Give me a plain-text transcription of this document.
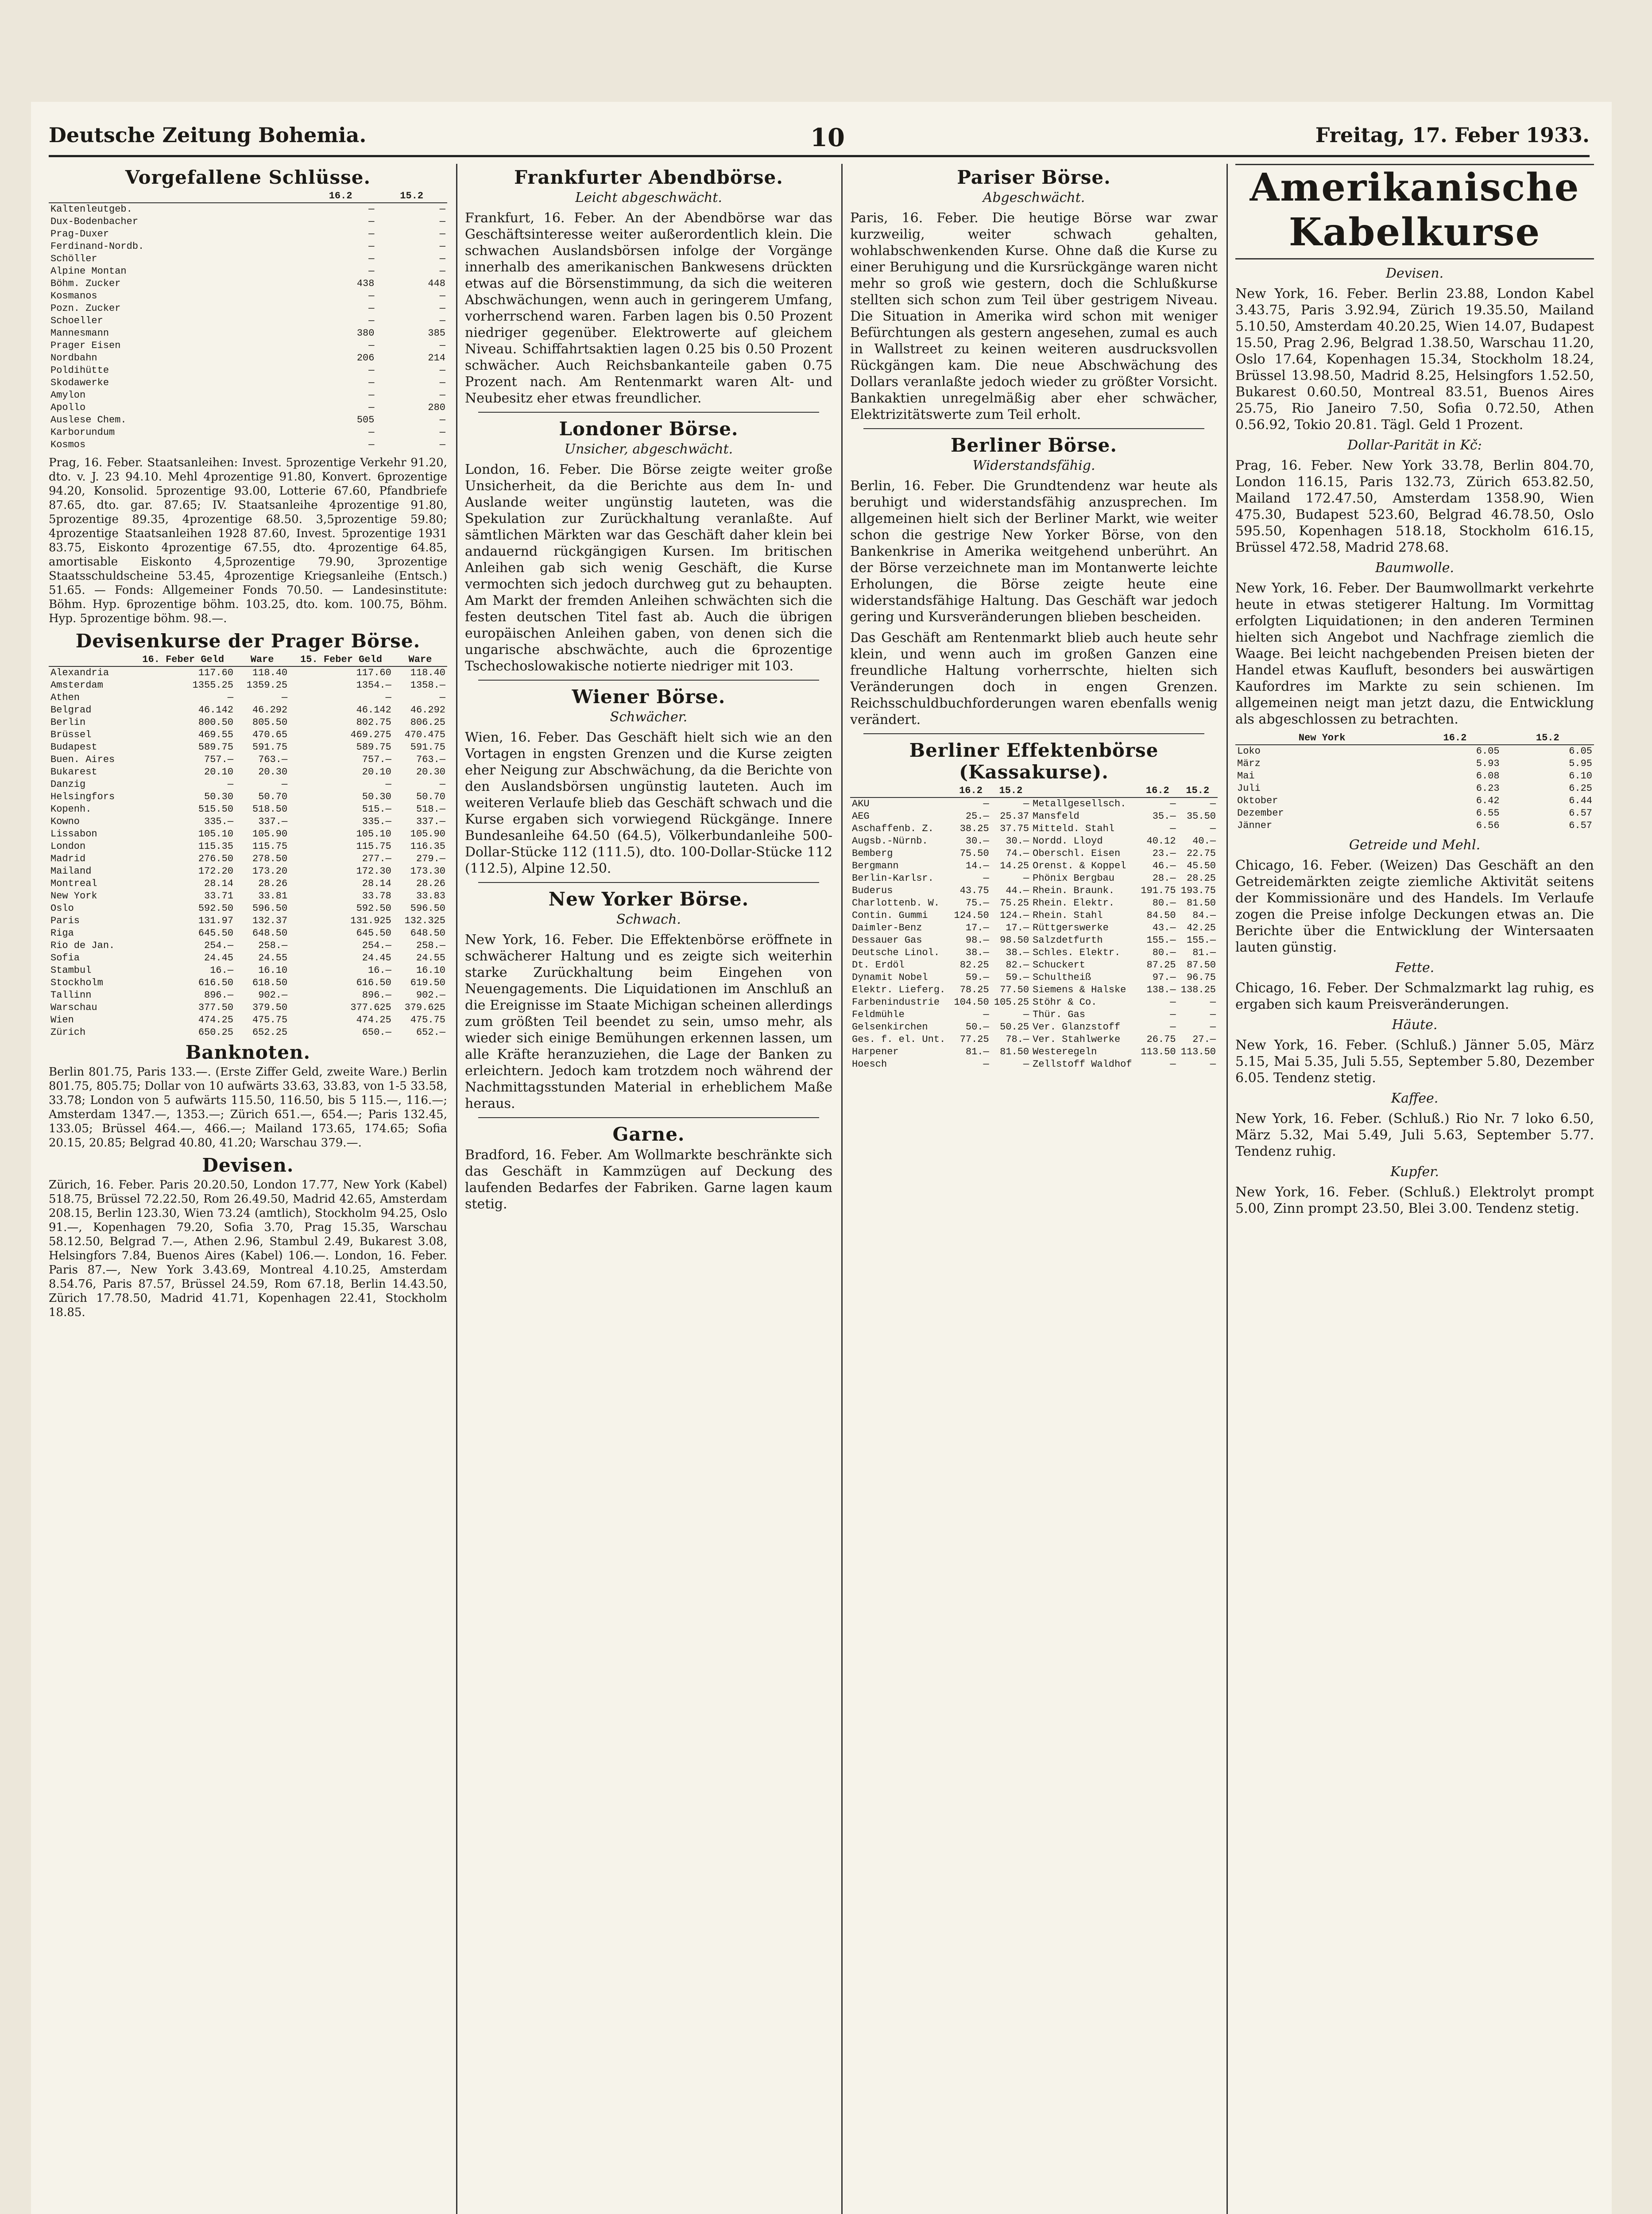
Deutsche Zeitung Bohemia.	10	Freitag, 17. Feber 1933.
Vorgefallene Schlüsse.
	16.2	15.2
Kaltenleutgeb.	—	—
Dux-Bodenbacher	—	—
Prag-Duxer	—	—
Ferdinand-Nordb.	—	—
Schöller	—	—
Alpine Montan	—	—
Böhm. Zucker	438	448
Kosmanos	—	—
Pozn. Zucker	—	—
Schoeller	—	—
Mannesmann	380	385
Prager Eisen	—	—
Nordbahn	206	214
Poldihütte	—	—
Skodawerke	—	—
Amylon	—	—
Apollo	—	280
Auslese Chem.	505	—
Karborundum	—	—
Kosmos	—	—

Prag, 16. Feber. Staatsanleihen: Invest. 5prozentige Verkehr 91.20, dto. v. J. 23 94.10. Mehl 4prozentige 91.80, Konvert. 6prozentige 94.20, Konsolid. 5prozentige 93.00, Lotterie 67.60, Pfandbriefe 87.65, dto. gar. 87.65; IV. Staatsanleihe 4prozentige 91.80, 5prozentige 89.35, 4prozentige 68.50. 3,5prozentige 59.80; 4prozentige Staatsanleihen 1928 87.60, Invest. 5prozentige 1931 83.75, Eiskonto 4prozentige 67.55, dto. 4prozentige 64.85, amortisable Eiskonto 4,5prozentige 79.90, 3prozentige Staatsschuldscheine 53.45, 4prozentige Kriegsanleihe (Entsch.) 51.65. — Fonds: Allgemeiner Fonds 70.50. — Landesinstitute: Böhm. Hyp. 6prozentige böhm. 103.25, dto. kom. 100.75, Böhm. Hyp. 5prozentige böhm. 98.—.

Devisenkurse der Prager Börse.
	16. Feber Geld	Ware	15. Feber Geld	Ware
Alexandria	117.60	118.40	117.60	118.40
Amsterdam	1355.25	1359.25	1354.—	1358.—
Athen	—	—	—	—
Belgrad	46.142	46.292	46.142	46.292
Berlin	800.50	805.50	802.75	806.25
Brüssel	469.55	470.65	469.275	470.475
Budapest	589.75	591.75	589.75	591.75
Buen. Aires	757.—	763.—	757.—	763.—
Bukarest	20.10	20.30	20.10	20.30
Danzig	—	—	—	—
Helsingfors	50.30	50.70	50.30	50.70
Kopenh.	515.50	518.50	515.—	518.—
Kowno	335.—	337.—	335.—	337.—
Lissabon	105.10	105.90	105.10	105.90
London	115.35	115.75	115.75	116.35
Madrid	276.50	278.50	277.—	279.—
Mailand	172.20	173.20	172.30	173.30
Montreal	28.14	28.26	28.14	28.26
New York	33.71	33.81	33.78	33.83
Oslo	592.50	596.50	592.50	596.50
Paris	131.97	132.37	131.925	132.325
Riga	645.50	648.50	645.50	648.50
Rio de Jan.	254.—	258.—	254.—	258.—
Sofia	24.45	24.55	24.45	24.55
Stambul	16.—	16.10	16.—	16.10
Stockholm	616.50	618.50	616.50	619.50
Tallinn	896.—	902.—	896.—	902.—
Warschau	377.50	379.50	377.625	379.625
Wien	474.25	475.75	474.25	475.75
Zürich	650.25	652.25	650.—	652.—
Banknoten.

Berlin 801.75, Paris 133.—. (Erste Ziffer Geld, zweite Ware.) Berlin 801.75, 805.75; Dollar von 10 aufwärts 33.63, 33.83, von 1-5 33.58, 33.78; London von 5 aufwärts 115.50, 116.50, bis 5 115.—, 116.—; Amsterdam 1347.—, 1353.—; Zürich 651.—, 654.—; Paris 132.45, 133.05; Brüssel 464.—, 466.—; Mailand 173.65, 174.65; Sofia 20.15, 20.85; Belgrad 40.80, 41.20; Warschau 379.—.

Devisen.

Zürich, 16. Feber. Paris 20.20.50, London 17.77, New York (Kabel) 518.75, Brüssel 72.22.50, Rom 26.49.50, Madrid 42.65, Amsterdam 208.15, Berlin 123.30, Wien 73.24 (amtlich), Stockholm 94.25, Oslo 91.—, Kopenhagen 79.20, Sofia 3.70, Prag 15.35, Warschau 58.12.50, Belgrad 7.—, Athen 2.96, Stambul 2.49, Bukarest 3.08, Helsingfors 7.84, Buenos Aires (Kabel) 106.—. London, 16. Feber. Paris 87.—, New York 3.43.69, Montreal 4.10.25, Amsterdam 8.54.76, Paris 87.57, Brüssel 24.59, Rom 67.18, Berlin 14.43.50, Zürich 17.78.50, Madrid 41.71, Kopenhagen 22.41, Stockholm 18.85.

Frankfurter Abendbörse.
Leicht abgeschwächt.

Frankfurt, 16. Feber. An der Abendbörse war das Geschäftsinteresse weiter außerordentlich klein. Die schwachen Auslandsbörsen infolge der Vorgänge innerhalb des amerikanischen Bankwesens drückten etwas auf die Börsenstimmung, da sich die weiteren Abschwächungen, wenn auch in geringerem Umfang, vorherrschend waren. Farben lagen bis 0.50 Prozent niedriger gegenüber. Elektrowerte auf gleichem Niveau. Schiffahrtsaktien lagen 0.25 bis 0.50 Prozent schwächer. Auch Reichsbankanteile gaben 0.75 Prozent nach. Am Rentenmarkt waren Alt- und Neubesitz eher etwas freundlicher.

Londoner Börse.
Unsicher, abgeschwächt.

London, 16. Feber. Die Börse zeigte weiter große Unsicherheit, da die Berichte aus dem In- und Auslande weiter ungünstig lauteten, was die Spekulation zur Zurückhaltung veranlaßte. Auf sämtlichen Märkten war das Geschäft daher klein bei andauernd rückgängigen Kursen. Im britischen Anleihen gab sich wenig Geschäft, die Kurse vermochten sich jedoch durchweg gut zu behaupten. Am Markt der fremden Anleihen schwächten sich die festen deutschen Titel fast ab. Auch die übrigen europäischen Anleihen gaben, von denen sich die ungarische abschwächte, auch die 6prozentige Tschechoslowakische notierte niedriger mit 103.

Wiener Börse.
Schwächer.

Wien, 16. Feber. Das Geschäft hielt sich wie an den Vortagen in engsten Grenzen und die Kurse zeigten eher Neigung zur Abschwächung, da die Berichte von den Auslandsbörsen ungünstig lauteten. Auch im weiteren Verlaufe blieb das Geschäft schwach und die Kurse ergaben sich vorwiegend Rückgänge. Innere Bundesanleihe 64.50 (64.5), Völkerbundanleihe 500-Dollar-Stücke 112 (111.5), dto. 100-Dollar-Stücke 112 (112.5), Alpine 12.50.

New Yorker Börse.
Schwach.

New York, 16. Feber. Die Effektenbörse eröffnete in schwächerer Haltung und es zeigte sich weiterhin starke Zurückhaltung beim Eingehen von Neuengagements. Die Liquidationen im Anschluß an die Ereignisse im Staate Michigan scheinen allerdings zum größten Teil beendet zu sein, umso mehr, als wieder sich einige Bemühungen erkennen lassen, um alle Kräfte heranzuziehen, die Lage der Banken zu erleichtern. Jedoch kam trotzdem noch während der Nachmittagsstunden Material in erheblichem Maße heraus.

Garne.

Bradford, 16. Feber. Am Wollmarkte beschränkte sich das Geschäft in Kammzügen auf Deckung des laufenden Bedarfes der Fabriken. Garne lagen kaum stetig.

Pariser Börse.
Abgeschwächt.

Paris, 16. Feber. Die heutige Börse war zwar kurzweilig, weiter schwach gehalten, wohlabschwenkenden Kurse. Ohne daß die Kurse zu einer Beruhigung und die Kursrückgänge waren nicht mehr so groß wie gestern, doch die Schlußkurse stellten sich schon zum Teil über gestrigem Niveau. Die Situation in Amerika wird schon mit weniger Befürchtungen als gestern angesehen, zumal es auch in Wallstreet zu keinen weiteren ausdrucksvollen Rückgängen kam. Die neue Abschwächung des Dollars veranlaßte jedoch wieder zu größter Vorsicht. Bankaktien unregelmäßig aber eher schwächer, Elektrizitätswerte zum Teil erholt.

Berliner Börse.
Widerstandsfähig.

Berlin, 16. Feber. Die Grundtendenz war heute als beruhigt und widerstandsfähig anzusprechen. Im allgemeinen hielt sich der Berliner Markt, wie weiter schon die gestrige New Yorker Börse, von den Bankenkrise in Amerika weitgehend unberührt. An der Börse verzeichnete man im Montanwerte leichte Erholungen, die Börse zeigte heute eine widerstandsfähige Haltung. Das Geschäft war jedoch gering und Kursveränderungen blieben bescheiden.

Das Geschäft am Rentenmarkt blieb auch heute sehr klein, und wenn auch im großen Ganzen eine freundliche Haltung vorherrschte, hielten sich Veränderungen doch in engen Grenzen. Reichsschuldbuchforderungen waren ebenfalls wenig verändert.

Berliner Effektenbörse (Kassakurse).
	16.2	15.2		16.2	15.2
AKU	—	—	Metallgesellsch.	—	—
AEG	25.—	25.37	Mansfeld	35.—	35.50
Aschaffenb. Z.	38.25	37.75	Mitteld. Stahl	—	—
Augsb.-Nürnb.	30.—	30.—	Nordd. Lloyd	40.12	40.—
Bemberg	75.50	74.—	Oberschl. Eisen	23.—	22.75
Bergmann	14.—	14.25	Orenst. & Koppel	46.—	45.50
Berlin-Karlsr.	—	—	Phönix Bergbau	28.—	28.25
Buderus	43.75	44.—	Rhein. Braunk.	191.75	193.75
Charlottenb. W.	75.—	75.25	Rhein. Elektr.	80.—	81.50
Contin. Gummi	124.50	124.—	Rhein. Stahl	84.50	84.—
Daimler-Benz	17.—	17.—	Rüttgerswerke	43.—	42.25
Dessauer Gas	98.—	98.50	Salzdetfurth	155.—	155.—
Deutsche Linol.	38.—	38.—	Schles. Elektr.	80.—	81.—
Dt. Erdöl	82.25	82.—	Schuckert	87.25	87.50
Dynamit Nobel	59.—	59.—	Schultheiß	97.—	96.75
Elektr. Lieferg.	78.25	77.50	Siemens & Halske	138.—	138.25
Farbenindustrie	104.50	105.25	Stöhr & Co.	—	—
Feldmühle	—	—	Thür. Gas	—	—
Gelsenkirchen	50.—	50.25	Ver. Glanzstoff	—	—
Ges. f. el. Unt.	77.25	78.—	Ver. Stahlwerke	26.75	27.—
Harpener	81.—	81.50	Westeregeln	113.50	113.50
Hoesch	—	—	Zellstoff Waldhof	—	—
Amerikanische Kabelkurse
Devisen.

New York, 16. Feber. Berlin 23.88, London Kabel 3.43.75, Paris 3.92.94, Zürich 19.35.50, Mailand 5.10.50, Amsterdam 40.20.25, Wien 14.07, Budapest 15.50, Prag 2.96, Belgrad 1.38.50, Warschau 11.20, Oslo 17.64, Kopenhagen 15.34, Stockholm 18.24, Brüssel 13.98.50, Madrid 8.25, Helsingfors 1.52.50, Bukarest 0.60.50, Montreal 83.51, Buenos Aires 25.75, Rio Janeiro 7.50, Sofia 0.72.50, Athen 0.56.92, Tokio 20.81. Tägl. Geld 1 Prozent.

Dollar-Parität in Kč:

Prag, 16. Feber. New York 33.78, Berlin 804.70, London 116.15, Paris 132.73, Zürich 653.82.50, Mailand 172.47.50, Amsterdam 1358.90, Wien 475.30, Budapest 523.60, Belgrad 46.78.50, Oslo 595.50, Kopenhagen 518.18, Stockholm 616.15, Brüssel 472.58, Madrid 278.68.

Baumwolle.

New York, 16. Feber. Der Baumwollmarkt verkehrte heute in etwas stetigerer Haltung. Im Vormittag erfolgten Liquidationen; in den anderen Terminen hielten sich Angebot und Nachfrage ziemlich die Waage. Bei leicht nachgebenden Preisen bieten der Handel etwas Kaufluft, besonders bei auswärtigen Kaufordres im Markte zu sein schienen. Im allgemeinen neigt man jetzt dazu, die Entwicklung als abgeschlossen zu betrachten.

New York	16.2	15.2
Loko	6.05	6.05
März	5.93	5.95
Mai	6.08	6.10
Juli	6.23	6.25
Oktober	6.42	6.44
Dezember	6.55	6.57
Jänner	6.56	6.57
Getreide und Mehl.

Chicago, 16. Feber. (Weizen) Das Geschäft an den Getreidemärkten zeigte ziemliche Aktivität seitens der Kommissionäre und des Handels. Im Verlaufe zogen die Preise infolge Deckungen etwas an. Die Berichte über die Entwicklung der Wintersaaten lauten günstig.

Fette.

Chicago, 16. Feber. Der Schmalzmarkt lag ruhig, es ergaben sich kaum Preisveränderungen.

Häute.

New York, 16. Feber. (Schluß.) Jänner 5.05, März 5.15, Mai 5.35, Juli 5.55, September 5.80, Dezember 6.05. Tendenz stetig.

Kaffee.

New York, 16. Feber. (Schluß.) Rio Nr. 7 loko 6.50, März 5.32, Mai 5.49, Juli 5.63, September 5.77. Tendenz ruhig.

Kupfer.

New York, 16. Feber. (Schluß.) Elektrolyt prompt 5.00, Zinn prompt 23.50, Blei 3.00. Tendenz stetig.
